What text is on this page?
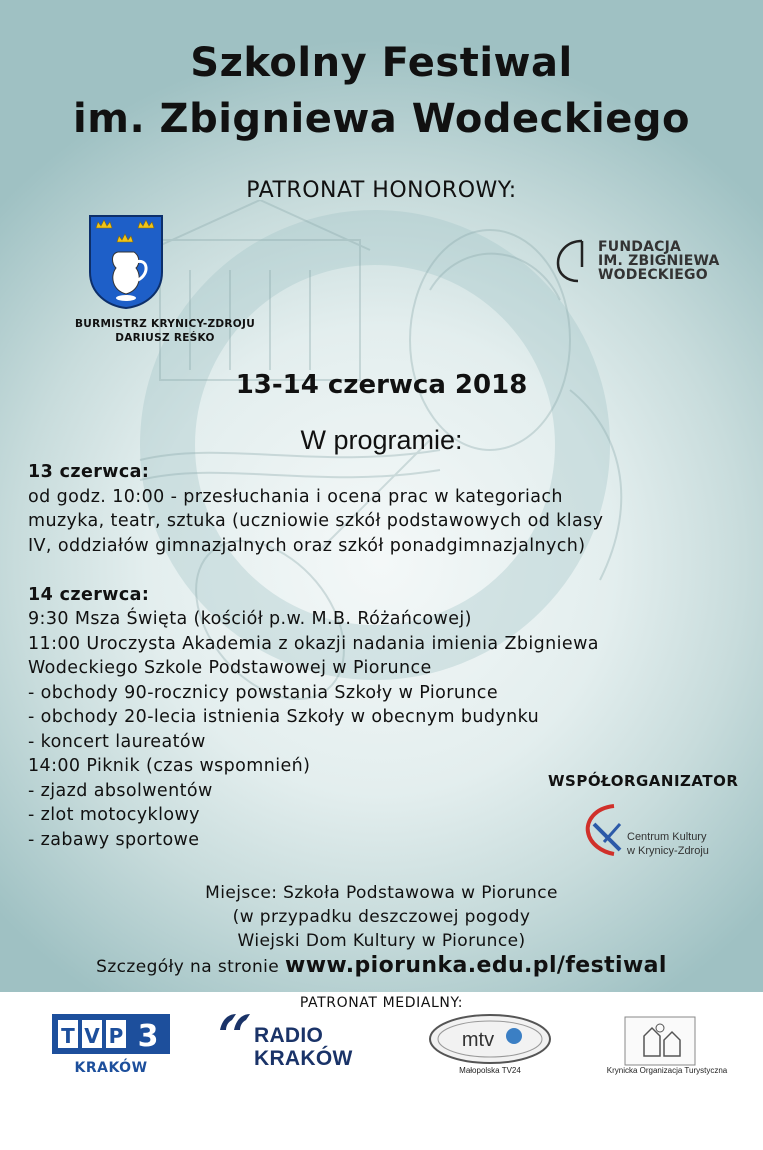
Szkolny Festiwal
im. Zbigniewa Wodeckiego
PATRONAT HONOROWY:
BURMISTRZ KRYNICY-ZDROJU
DARIUSZ REŚKO
FUNDACJA
IM. ZBIGNIEWA
WODECKIEGO
13-14 czerwca 2018
W programie:
13 czerwca:
od godz. 10:00 - przesłuchania i ocena prac w kategoriach
muzyka, teatr, sztuka (uczniowie szkół podstawowych od klasy
IV, oddziałów gimnazjalnych oraz szkół ponadgimnazjalnych)
14 czerwca:
9:30 Msza Święta (kościół p.w. M.B. Różańcowej)
11:00 Uroczysta Akademia z okazji nadania imienia Zbigniewa
Wodeckiego Szkole Podstawowej w Piorunce
- obchody 90-rocznicy powstania Szkoły w Piorunce
- obchody 20-lecia istnienia Szkoły w obecnym budynku
- koncert laureatów
14:00 Piknik (czas wspomnień)
- zjazd absolwentów
- zlot motocyklowy
- zabawy sportowe
WSPÓŁORGANIZATOR
Centrum Kultury
w Krynicy-Zdroju
Miejsce: Szkoła Podstawowa w Piorunce
(w przypadku deszczowej pogody
Wiejski Dom Kultury w Piorunce)
Szczegóły na stronie www.piorunka.edu.pl/festiwal
PATRONAT MEDIALNY:
T V P 3
KRAKÓW
RADIO
KRAKÓW
mtv
Małopolska TV24	Krynicka Organizacja Turystyczna
